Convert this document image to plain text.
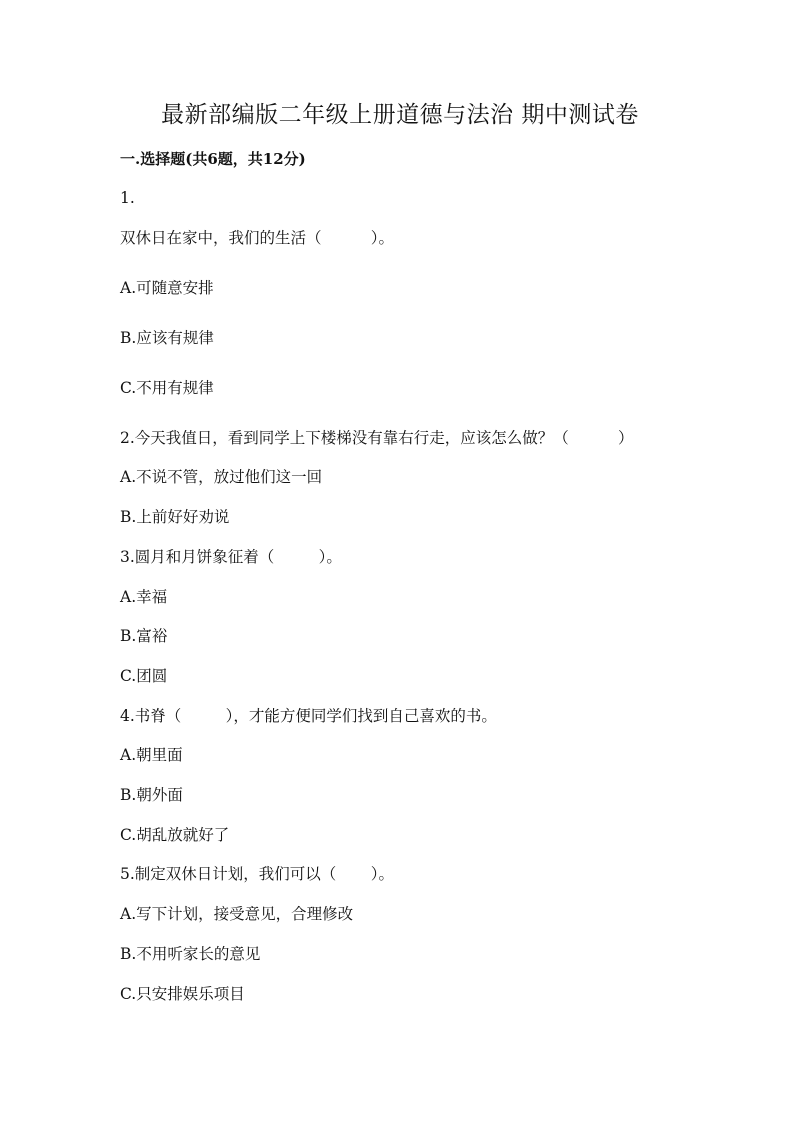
最新部编版二年级上册道德与法治 期中测试卷
一.选择题(共6题，共12分)
1.
双休日在家中，我们的生活（          ）。
A.可随意安排
B.应该有规律
C.不用有规律
2.今天我值日，看到同学上下楼梯没有靠右行走，应该怎么做？（          ）
A.不说不管，放过他们这一回
B.上前好好劝说
3.圆月和月饼象征着（         ）。
A.幸福
B.富裕
C.团圆
4.书脊（         ），才能方便同学们找到自己喜欢的书。
A.朝里面
B.朝外面
C.胡乱放就好了
5.制定双休日计划，我们可以（       ）。
A.写下计划，接受意见，合理修改
B.不用听家长的意见
C.只安排娱乐项目
